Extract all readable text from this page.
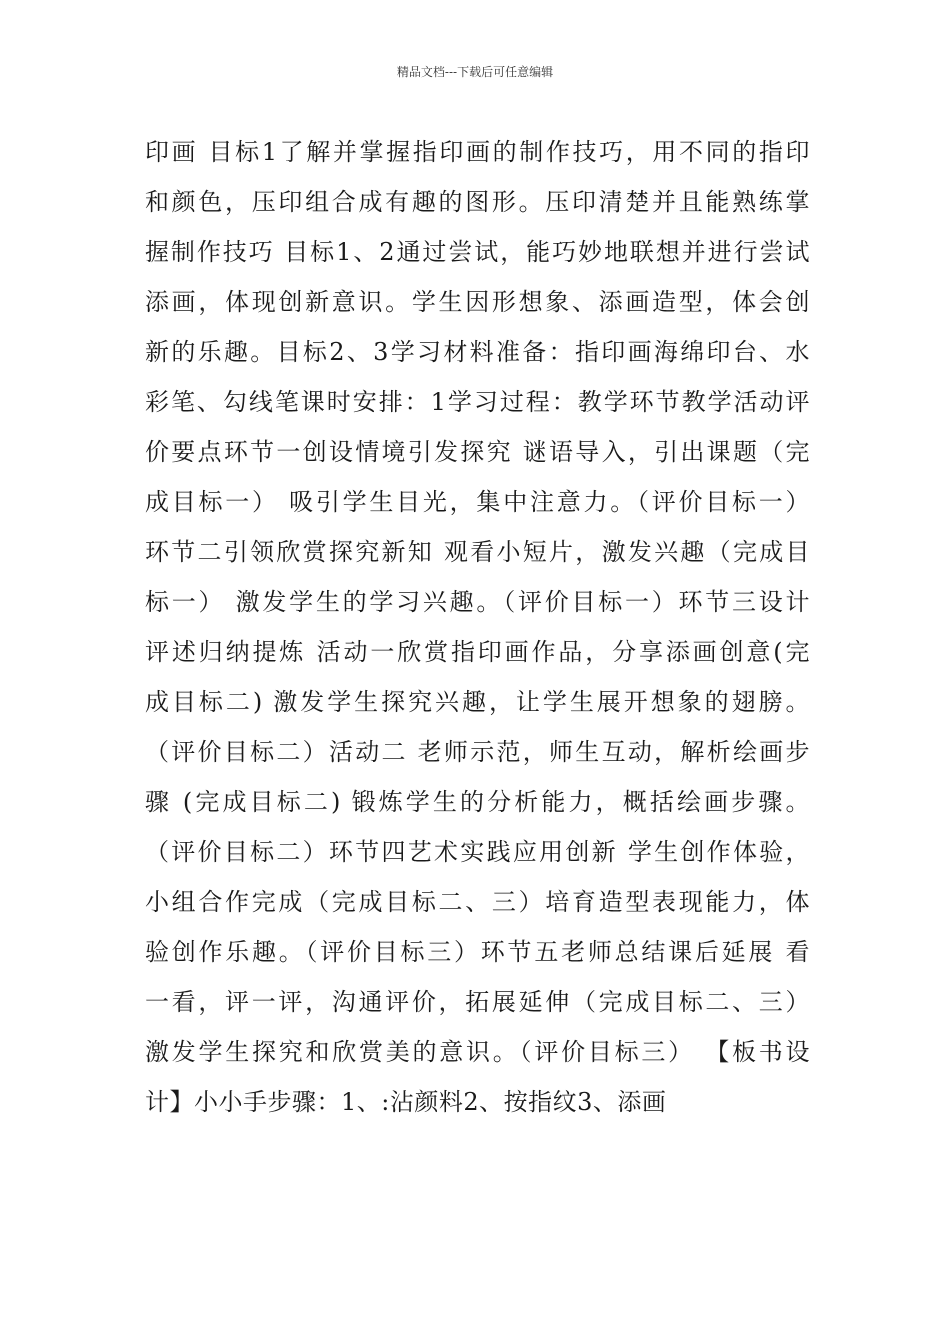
精品文档---下载后可任意编辑
印画 目标1了解并掌握指印画的制作技巧，用不同的指印
和颜色，压印组合成有趣的图形。压印清楚并且能熟练掌
握制作技巧 目标1、2通过尝试，能巧妙地联想并进行尝试
添画，体现创新意识。学生因形想象、添画造型，体会创
新的乐趣。目标2、3学习材料准备：指印画海绵印台、水
彩笔、勾线笔课时安排：1学习过程：教学环节教学活动评
价要点环节一创设情境引发探究 谜语导入，引出课题（完
成目标一） 吸引学生目光，集中注意力。（评价目标一）
环节二引领欣赏探究新知 观看小短片，激发兴趣（完成目
标一） 激发学生的学习兴趣。（评价目标一）环节三设计
评述归纳提炼 活动一欣赏指印画作品，分享添画创意(完
成目标二) 激发学生探究兴趣，让学生展开想象的翅膀。
（评价目标二）活动二 老师示范，师生互动，解析绘画步
骤 (完成目标二) 锻炼学生的分析能力，概括绘画步骤。
（评价目标二）环节四艺术实践应用创新 学生创作体验，
小组合作完成（完成目标二、三）培育造型表现能力，体
验创作乐趣。（评价目标三）环节五老师总结课后延展 看
一看，评一评，沟通评价，拓展延伸（完成目标二、三）
激发学生探究和欣赏美的意识。（评价目标三） 【板书设
计】小小手步骤：1、:沾颜料2、按指纹3、添画
